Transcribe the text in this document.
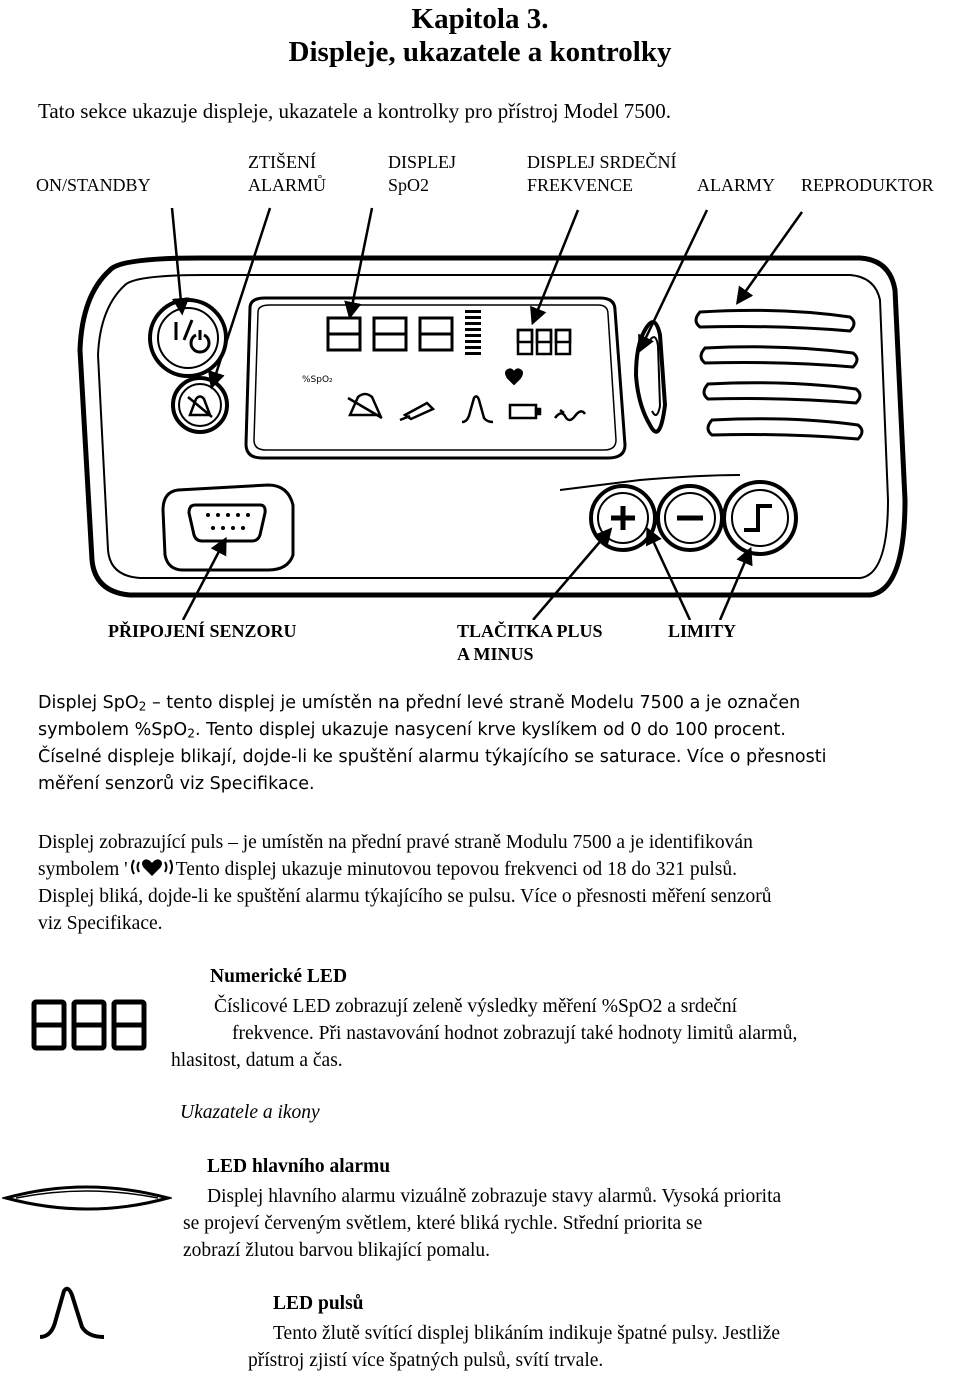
Kapitola 3.
Displeje, ukazatele a kontrolky
Tato sekce ukazuje displeje, ukazatele a kontrolky pro přístroj Model 7500.
ON/STANDBY
ZTIŠENÍ
ALARMŮ
DISPLEJ
SpO2
DISPLEJ SRDEČNÍ
FREKVENCE	ALARMY REPRODUKTOR
%SpO₂
PŘIPOJENÍ SENZORU	TLAČITKA PLUS
A MINUS
LIMITY

Displej SpO$_2$ – tento displej je umístěn na přední levé straně Modelu 7500 a je označen

symbolem %SpO$_2$. Tento displej ukazuje nasycení krve kyslíkem od 0 do 100 procent.

Číselné displeje blikají, dojde-li ke spuštění alarmu týkajícího se saturace. Více o přesnosti

měření senzorů viz Specifikace.

Displej zobrazující puls – je umístěn na přední pravé straně Modulu 7500 a je identifikován

symbolem ' Tento displej ukazuje minutovou tepovou frekvenci od 18 do 321 pulsů.

Displej bliká, dojde-li ke spuštění alarmu týkajícího se pulsu. Více o přesnosti měření senzorů

viz Specifikace.

888
Numerické LED
Číslicové LED zobrazují zeleně výsledky měření %SpO2 a srdeční
frekvence. Při nastavování hodnot zobrazují také hodnoty limitů alarmů,
hlasitost, datum a čas.
Ukazatele a ikony
LED hlavního alarmu
Displej hlavního alarmu vizuálně zobrazuje stavy alarmů. Vysoká priorita
se projeví červeným světlem, které bliká rychle. Střední priorita se
zobrazí žlutou barvou blikající pomalu.
LED pulsů
Tento žlutě svítící displej blikáním indikuje špatné pulsy. Jestliže
přístroj zjistí více špatných pulsů, svítí trvale.
